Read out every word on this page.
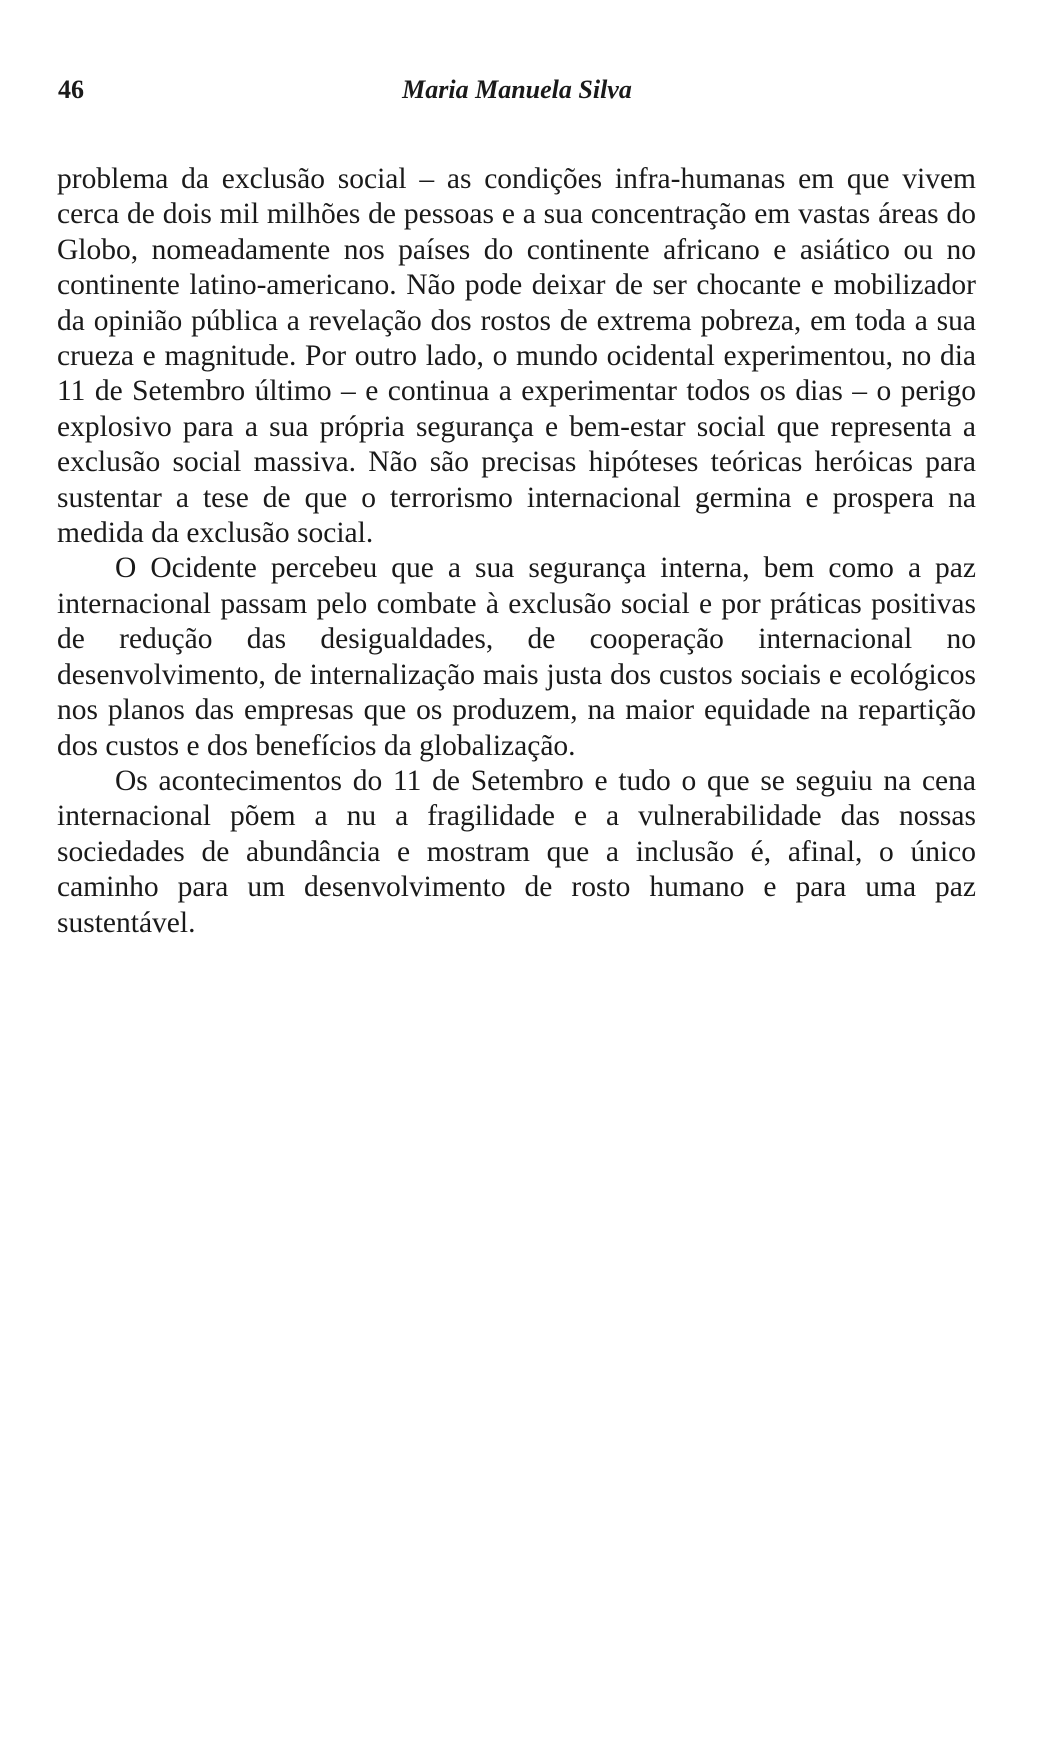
46	Maria Manuela Silva

problema da exclusão social – as condições infra-humanas em que vivem cerca de dois mil milhões de pessoas e a sua concentração em vastas áreas do Globo, nomeadamente nos países do continente africano e asiático ou no continente latino-americano. Não pode deixar de ser chocante e mobilizador da opinião pública a revelação dos rostos de extrema pobreza, em toda a sua crueza e magnitude. Por outro lado, o mundo ocidental experimentou, no dia 11 de Setembro último – e continua a experimentar todos os dias – o perigo explosivo para a sua própria segurança e bem-estar social que representa a exclusão social massiva. Não são precisas hipóteses teóricas heróicas para sustentar a tese de que o terrorismo internacional germina e prospera na medida da exclusão social.

O Ocidente percebeu que a sua segurança interna, bem como a paz internacional passam pelo combate à exclusão social e por práticas positivas de redução das desigualdades, de cooperação internacional no desenvolvimento, de internalização mais justa dos custos sociais e ecológicos nos planos das empresas que os produzem, na maior equidade na repartição dos custos e dos benefícios da globalização.

Os acontecimentos do 11 de Setembro e tudo o que se seguiu na cena internacional põem a nu a fragilidade e a vulnerabilidade das nossas sociedades de abundância e mostram que a inclusão é, afinal, o único caminho para um desenvolvimento de rosto humano e para uma paz sustentável.
